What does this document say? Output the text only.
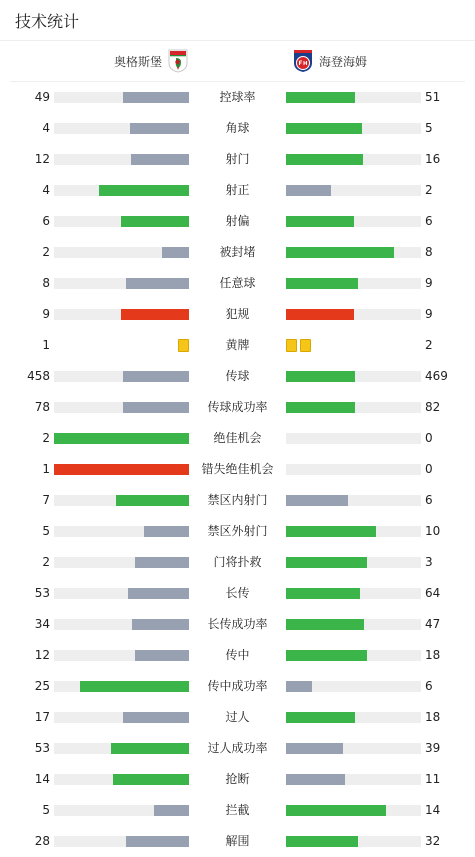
技术统计
奥格斯堡	海登海姆
49	控球率	51
4	角球	5
12	射门	16
4	射正	2
6	射偏	6
2	被封堵	8
8	任意球	9
9	犯规	9
1	黄牌	2
458	传球	469
78	传球成功率	82
2	绝佳机会	0
1	错失绝佳机会	0
7	禁区内射门	6
5	禁区外射门	10
2	门将扑救	3
53	长传	64
34	长传成功率	47
12	传中	18
25	传中成功率	6
17	过人	18
53	过人成功率	39
14	抢断	11
5	拦截	14
28	解围	32
